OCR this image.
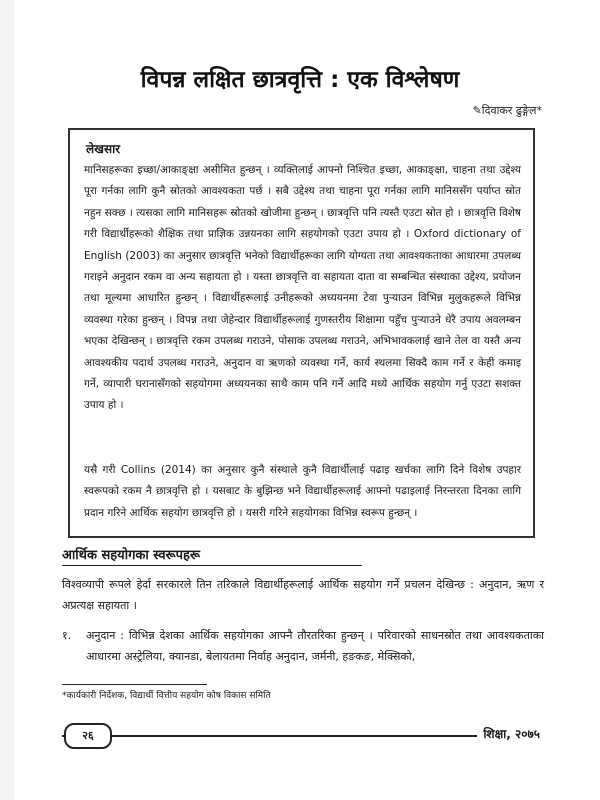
विपन्न लक्षित छात्रवृत्ति : एक विश्लेषण
✎दिवाकर ढुङ्गेल*
लेखसार
मानिसहरूका इच्छा/आकाङ्क्षा असीमित हुन्छन् । व्यक्तिलाई आफ्नो निश्चित इच्छा, आकाङ्क्षा, चाहना तथा उद्देश्य पूरा गर्नका लागि कुनै स्रोतको आवश्यकता पर्छ । सबै उद्देश्य तथा चाहना पूरा गर्नका लागि मानिससँग पर्याप्त स्रोत नहुन सक्छ । त्यसका लागि मानिसहरू स्रोतको खोजीमा हुन्छन् । छात्रवृत्ति पनि त्यस्तै एउटा स्रोत हो । छात्रवृत्ति विशेष गरी विद्यार्थीहरूको शैक्षिक तथा प्राज्ञिक उन्नयनका लागि सहयोगको एउटा उपाय हो । Oxford dictionary of English (2003) का अनुसार छात्रवृत्ति भनेको विद्यार्थीहरूका लागि योग्यता तथा आवश्यकताका आधारमा उपलब्ध गराइने अनुदान रकम वा अन्य सहायता हो । यस्ता छात्रवृत्ति वा सहायता दाता वा सम्बन्धित संस्थाका उद्देश्य, प्रयोजन तथा मूल्यमा आधारित हुन्छन् । विद्यार्थीहरूलाई उनीहरूको अध्ययनमा टेवा पुऱ्याउन विभिन्न मुलुकहरूले विभिन्न व्यवस्था गरेका हुन्छन् । विपन्न तथा जेहेन्दार विद्यार्थीहरूलाई गुणस्तरीय शिक्षामा पहुँच पुऱ्याउने धेरै उपाय अवलम्बन भएका देखिन्छन् । छात्रवृत्ति रकम उपलब्ध गराउने, पोसाक उपलब्ध गराउने, अभिभावकलाई खाने तेल वा यस्तै अन्य आवश्यकीय पदार्थ उपलब्ध गराउने, अनुदान वा ऋणको व्यवस्था गर्ने, कार्य स्थलमा सिक्दै काम गर्ने र केही कमाइ गर्ने, व्यापारी घरानासँगको सहयोगमा अध्ययनका साथै काम पनि गर्ने आदि मध्ये आर्थिक सहयोग गर्नु एउटा सशक्त उपाय हो ।
यसै गरी Collins (2014) का अनुसार कुनै संस्थाले कुनै विद्यार्थीलाई पढाइ खर्चका लागि दिने विशेष उपहार स्वरूपको रकम नै छात्रवृत्ति हो । यसबाट के बुझिन्छ भने विद्यार्थीहरूलाई आफ्नो पढाइलाई निरन्तरता दिनका लागि प्रदान गरिने आर्थिक सहयोग छात्रवृत्ति हो । यसरी गरिने सहयोगका विभिन्न स्वरूप हुन्छन् ।
आर्थिक सहयोगका स्वरूपहरू
विश्वव्यापी रूपले हेर्दा सरकारले तिन तरिकाले विद्यार्थीहरूलाई आर्थिक सहयोग गर्ने प्रचलन देखिन्छ : अनुदान, ऋण र अप्रत्यक्ष सहायता ।
१. अनुदान : विभिन्न देशका आर्थिक सहयोगका आफ्नै तौरतरिका हुन्छन् । परिवारको साधनस्रोत तथा आवश्यकताका आधारमा अस्ट्रेलिया, क्यानडा, बेलायतमा निर्वाह अनुदान, जर्मनी, हङकङ, मेक्सिको,
*कार्यकारी निर्देशक, विद्यार्थी वित्तीय सहयोग कोष विकास समिति
२६	शिक्षा, २०७५
